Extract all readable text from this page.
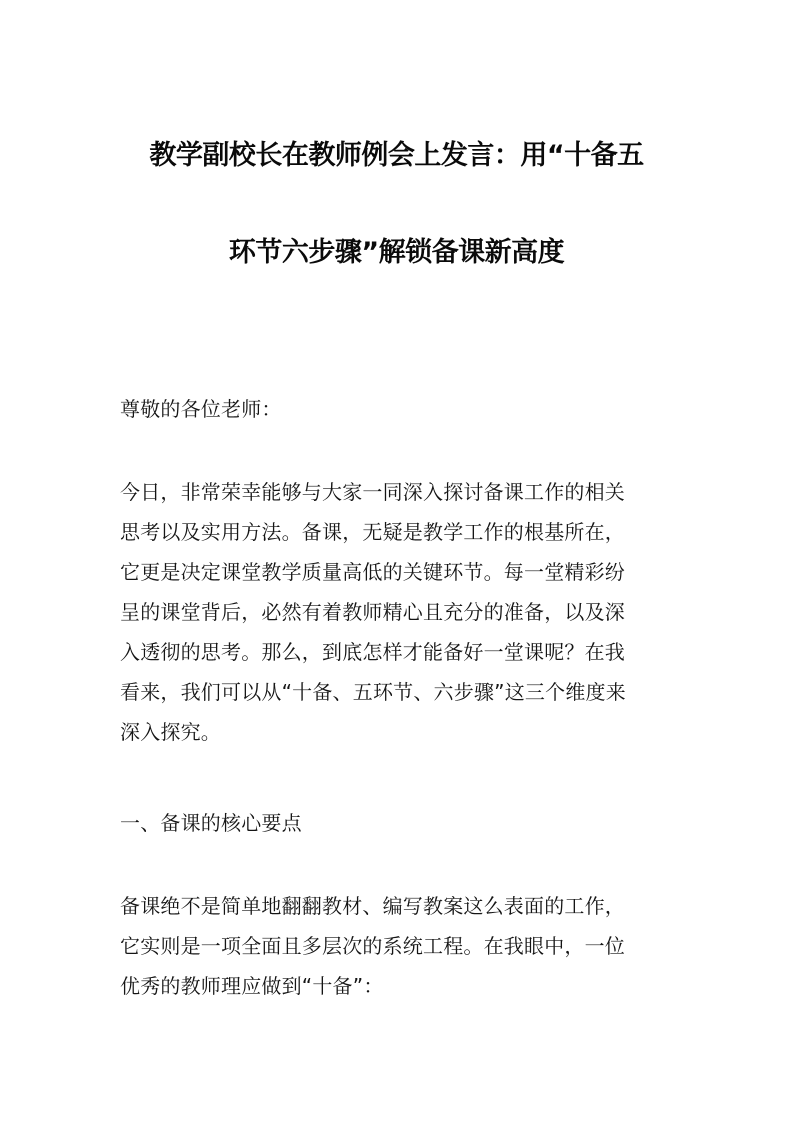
教学副校长在教师例会上发言：用“十备五
环节六步骤”解锁备课新高度
尊敬的各位老师：
今日，非常荣幸能够与大家一同深入探讨备课工作的相关
思考以及实用方法。备课，无疑是教学工作的根基所在，
它更是决定课堂教学质量高低的关键环节。每一堂精彩纷
呈的课堂背后，必然有着教师精心且充分的准备，以及深
入透彻的思考。那么，到底怎样才能备好一堂课呢？在我
看来，我们可以从“十备、五环节、六步骤”这三个维度来
深入探究。
一、备课的核心要点
备课绝不是简单地翻翻教材、编写教案这么表面的工作，
它实则是一项全面且多层次的系统工程。在我眼中，一位
优秀的教师理应做到“十备”：
